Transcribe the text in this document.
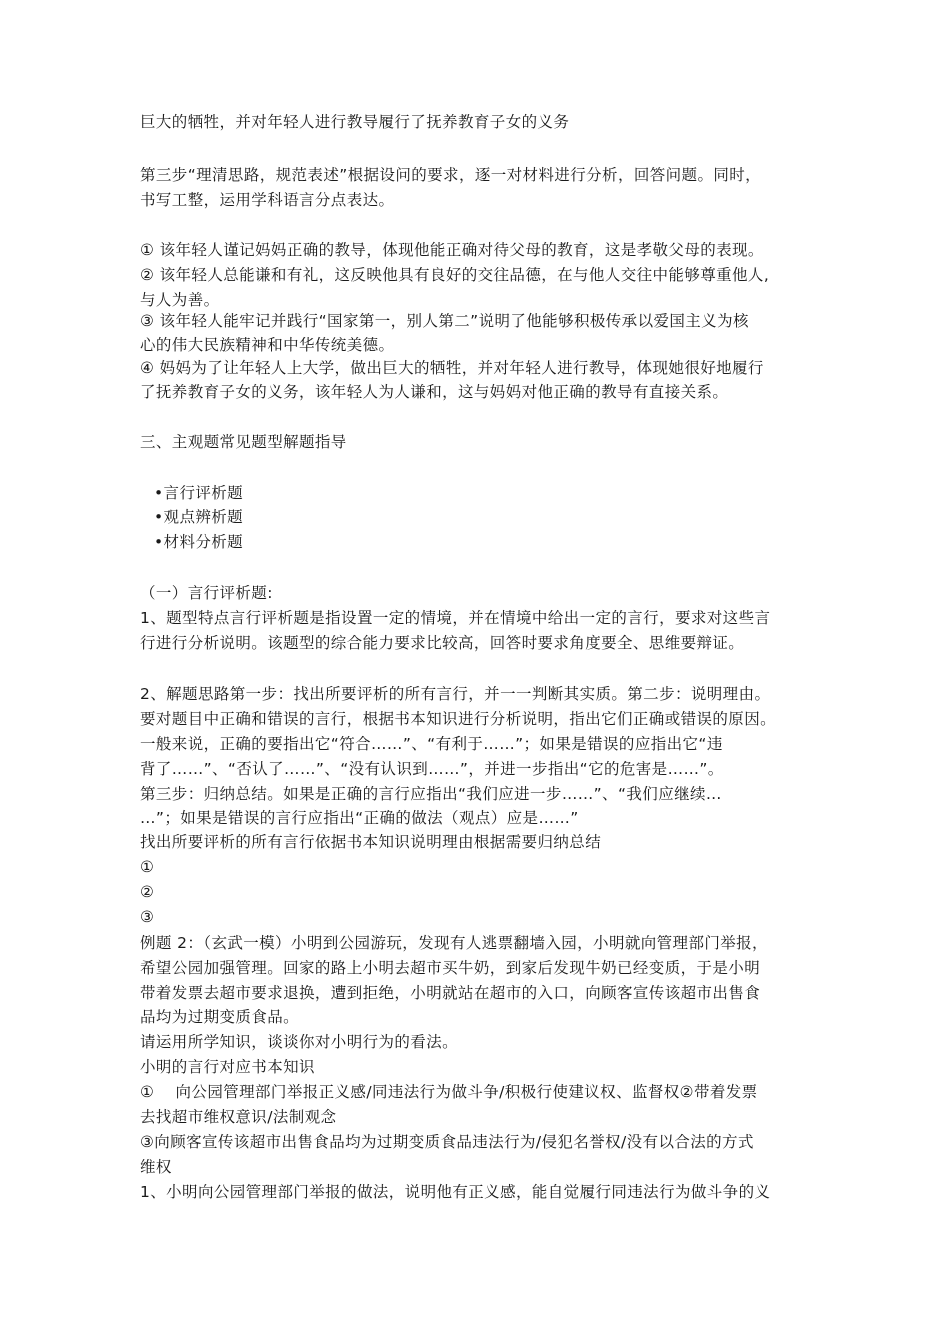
巨大的牺牲，并对年轻人进行教导履行了抚养教育子女的义务
第三步“理清思路，规范表述”根据设问的要求，逐一对材料进行分析，回答问题。同时，
书写工整，运用学科语言分点表达。
① 该年轻人谨记妈妈正确的教导，体现他能正确对待父母的教育，这是孝敬父母的表现。
② 该年轻人总能谦和有礼，这反映他具有良好的交往品德，在与他人交往中能够尊重他人,
与人为善。
③ 该年轻人能牢记并践行“国家第一，别人第二”说明了他能够积极传承以爱国主义为核
心的伟大民族精神和中华传统美德。
④ 妈妈为了让年轻人上大学，做出巨大的牺牲，并对年轻人进行教导，体现她很好地履行
了抚养教育子女的义务，该年轻人为人谦和，这与妈妈对他正确的教导有直接关系。
三、主观题常见题型解题指导
•言行评析题
•观点辨析题
•材料分析题
（一）言行评析题:
1、题型特点言行评析题是指设置一定的情境，并在情境中给出一定的言行，要求对这些言
行进行分析说明。该题型的综合能力要求比较高，回答时要求角度要全、思维要辩证。
2、解题思路第一步：找出所要评析的所有言行，并一一判断其实质。第二步：说明理由。
要对题目中正确和错误的言行，根据书本知识进行分析说明，指出它们正确或错误的原因。
一般来说，正确的要指出它“符合……”、“有利于……”；如果是错误的应指出它“违
背了……”、“否认了……”、“没有认识到……”，并进一步指出“它的危害是……”。
第三步：归纳总结。如果是正确的言行应指出“我们应进一步……”、“我们应继续…
…”；如果是错误的言行应指出“正确的做法（观点）应是……”
找出所要评析的所有言行依据书本知识说明理由根据需要归纳总结
①
②
③
例题 2：（玄武一模）小明到公园游玩，发现有人逃票翻墙入园，小明就向管理部门举报，
希望公园加强管理。回家的路上小明去超市买牛奶，到家后发现牛奶已经变质，于是小明
带着发票去超市要求退换，遭到拒绝，小明就站在超市的入口，向顾客宣传该超市出售食
品均为过期变质食品。
请运用所学知识，谈谈你对小明行为的看法。
小明的言行对应书本知识
①　 向公园管理部门举报正义感/同违法行为做斗争/积极行使建议权、监督权②带着发票
去找超市维权意识/法制观念
③向顾客宣传该超市出售食品均为过期变质食品违法行为/侵犯名誉权/没有以合法的方式
维权
1、小明向公园管理部门举报的做法，说明他有正义感，能自觉履行同违法行为做斗争的义
